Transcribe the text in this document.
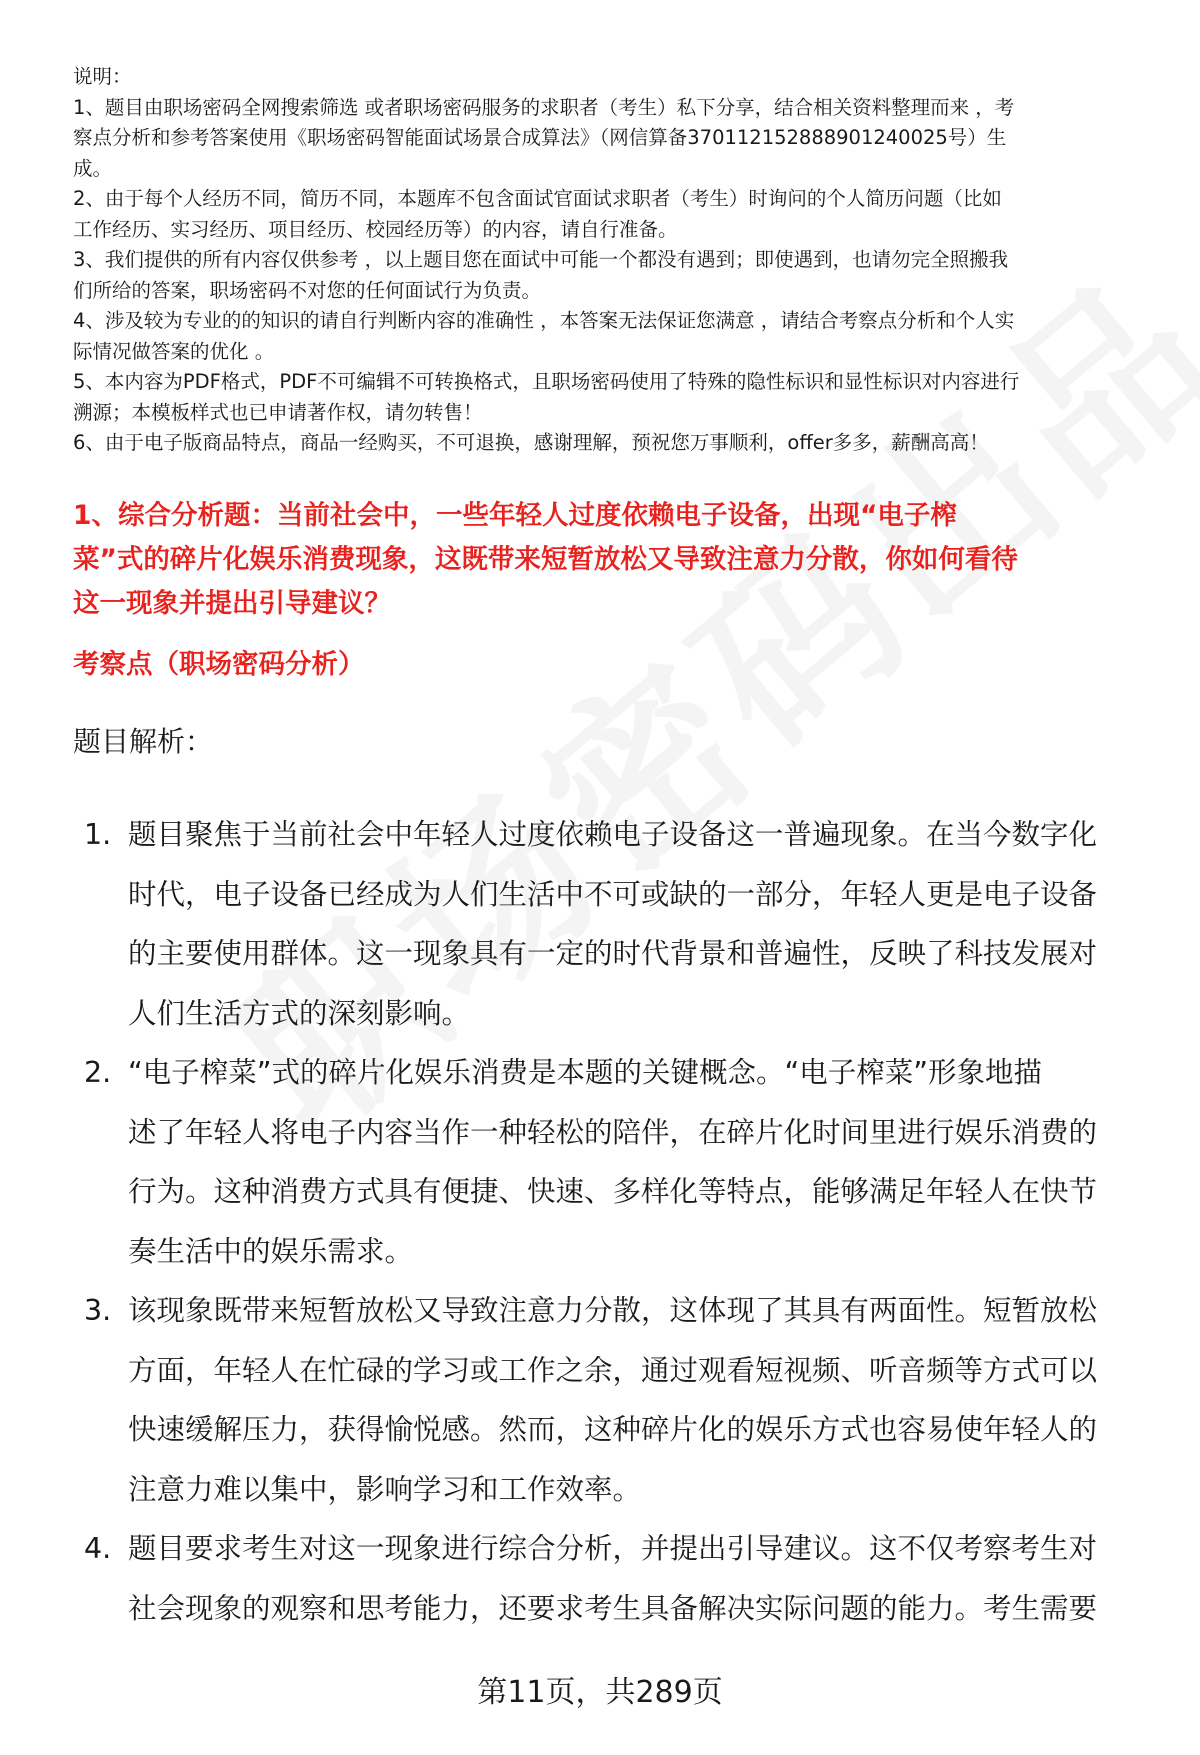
说明：

1、题目由职场密码全网搜索筛选 或者职场密码服务的求职者（考生）私下分享，结合相关资料整理而来 ，考

察点分析和参考答案使用《职场密码智能面试场景合成算法》（网信算备370112152888901240025号）生

成。

2、由于每个人经历不同，简历不同，本题库不包含面试官面试求职者（考生）时询问的个人简历问题（比如

工作经历、实习经历、项目经历、校园经历等）的内容，请自行准备。

3、我们提供的所有内容仅供参考 ，以上题目您在面试中可能一个都没有遇到；即使遇到，也请勿完全照搬我

们所给的答案，职场密码不对您的任何面试行为负责。

4、涉及较为专业的的知识的请自行判断内容的准确性 ，本答案无法保证您满意 ，请结合考察点分析和个人实

际情况做答案的优化 。

5、本内容为PDF格式，PDF不可编辑不可转换格式，且职场密码使用了特殊的隐性标识和显性标识对内容进行

溯源；本模板样式也已申请著作权，请勿转售！

6、由于电子版商品特点，商品一经购买，不可退换，感谢理解，预祝您万事顺利，offer多多，薪酬高高！

1、综合分析题：当前社会中，一些年轻人过度依赖电子设备，出现“电子榨
菜”式的碎片化娱乐消费现象，这既带来短暂放松又导致注意力分散，你如何看待
这一现象并提出引导建议？
考察点（职场密码分析）
题目解析：
1. 题目聚焦于当前社会中年轻人过度依赖电子设备这一普遍现象。在当今数字化
时代，电子设备已经成为人们生活中不可或缺的一部分，年轻人更是电子设备
的主要使用群体。这一现象具有一定的时代背景和普遍性，反映了科技发展对
人们生活方式的深刻影响。
2. “电子榨菜”式的碎片化娱乐消费是本题的关键概念。“电子榨菜”形象地描
述了年轻人将电子内容当作一种轻松的陪伴，在碎片化时间里进行娱乐消费的
行为。这种消费方式具有便捷、快速、多样化等特点，能够满足年轻人在快节
奏生活中的娱乐需求。
3. 该现象既带来短暂放松又导致注意力分散，这体现了其具有两面性。短暂放松
方面，年轻人在忙碌的学习或工作之余，通过观看短视频、听音频等方式可以
快速缓解压力，获得愉悦感。然而，这种碎片化的娱乐方式也容易使年轻人的
注意力难以集中，影响学习和工作效率。
4. 题目要求考生对这一现象进行综合分析，并提出引导建议。这不仅考察考生对
社会现象的观察和思考能力，还要求考生具备解决实际问题的能力。考生需要
第11页，共289页
